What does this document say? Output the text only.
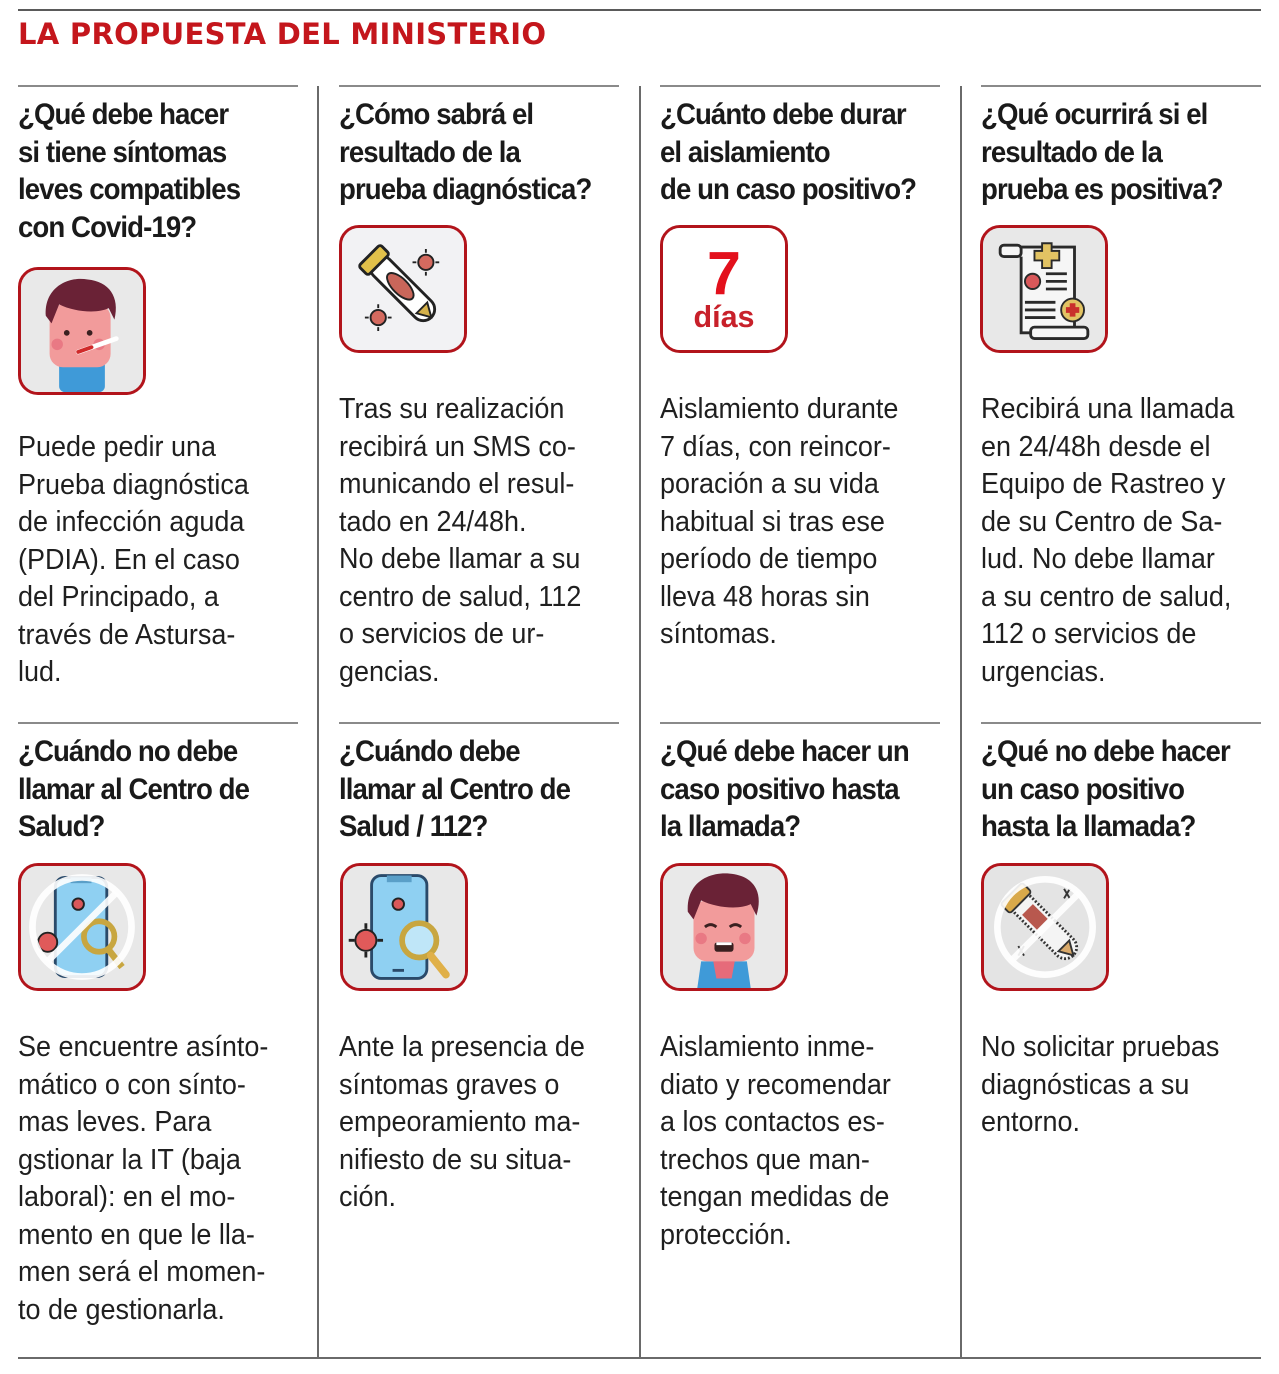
LA PROPUESTA DEL MINISTERIO
¿Qué debe hacer
si tiene síntomas
leves compatibles
con Covid-19?
Puede pedir una
Prueba diagnóstica
de infección aguda
(PDIA). En el caso
del Principado, a
través de Astursa-
lud.
¿Cómo sabrá el
resultado de la
prueba diagnóstica?
Tras su realización
recibirá un SMS co-
municando el resul-
tado en 24/48h.
No debe llamar a su
centro de salud, 112
o servicios de ur-
gencias.
¿Cuánto debe durar
el aislamiento
de un caso positivo?
7
días
Aislamiento durante
7 días, con reincor-
poración a su vida
habitual si tras ese
período de tiempo
lleva 48 horas sin
síntomas.
¿Qué ocurrirá si el
resultado de la
prueba es positiva?
Recibirá una llamada
en 24/48h desde el
Equipo de Rastreo y
de su Centro de Sa-
lud. No debe llamar
a su centro de salud,
112 o servicios de
urgencias.
¿Cuándo no debe
llamar al Centro de
Salud?
Se encuentre asínto-
mático o con sínto-
mas leves. Para
gstionar la IT (baja
laboral): en el mo-
mento en que le lla-
men será el momen-
to de gestionarla.
¿Cuándo debe
llamar al Centro de
Salud / 112?
Ante la presencia de
síntomas graves o
empeoramiento ma-
nifiesto de su situa-
ción.
¿Qué debe hacer un
caso positivo hasta
la llamada?
Aislamiento inme-
diato y recomendar
a los contactos es-
trechos que man-
tengan medidas de
protección.
¿Qué no debe hacer
un caso positivo
hasta la llamada?
No solicitar pruebas
diagnósticas a su
entorno.
